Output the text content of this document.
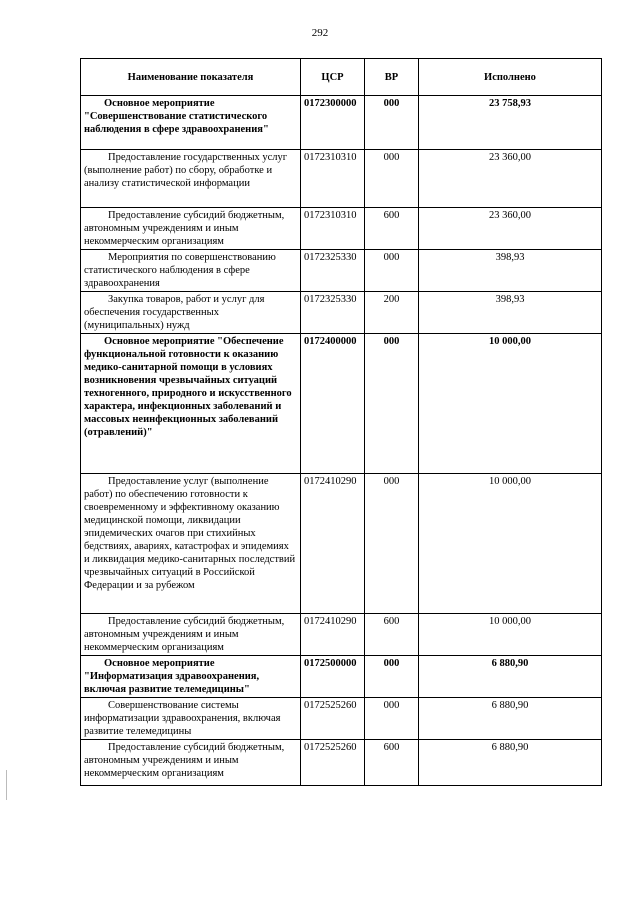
292
Наименование показателя	ЦСР	ВР	Исполнено
Основное мероприятие "Совершенствование статистического наблюдения в сфере здравоохранения"	0172300000	000	23 758,93
Предоставление государственных услуг (выполнение работ) по сбору, обработке и анализу статистической информации	0172310310	000	23 360,00
Предоставление субсидий бюджетным, автономным учреждениям и иным некоммерческим организациям	0172310310	600	23 360,00
Мероприятия по совершенствованию статистического наблюдения в сфере здравоохранения	0172325330	000	398,93
Закупка товаров, работ и услуг для обеспечения государственных (муниципальных) нужд	0172325330	200	398,93
Основное мероприятие "Обеспечение функциональной готовности к оказанию медико-санитарной помощи в условиях возникновения чрезвычайных ситуаций техногенного, природного и искусственного характера, инфекционных заболеваний и массовых неинфекционных заболеваний (отравлений)"	0172400000	000	10 000,00
Предоставление услуг (выполнение работ) по обеспечению готовности к своевременному и эффективному оказанию медицинской помощи, ликвидации эпидемических очагов при стихийных бедствиях, авариях, катастрофах и эпидемиях и ликвидация медико-санитарных последствий чрезвычайных ситуаций в Российской Федерации и за рубежом	0172410290	000	10 000,00
Предоставление субсидий бюджетным, автономным учреждениям и иным некоммерческим организациям	0172410290	600	10 000,00
Основное мероприятие "Информатизация здравоохранения, включая развитие телемедицины"	0172500000	000	6 880,90
Совершенствование системы информатизации здравоохранения, включая развитие телемедицины	0172525260	000	6 880,90
Предоставление субсидий бюджетным, автономным учреждениям и иным некоммерческим организациям	0172525260	600	6 880,90
